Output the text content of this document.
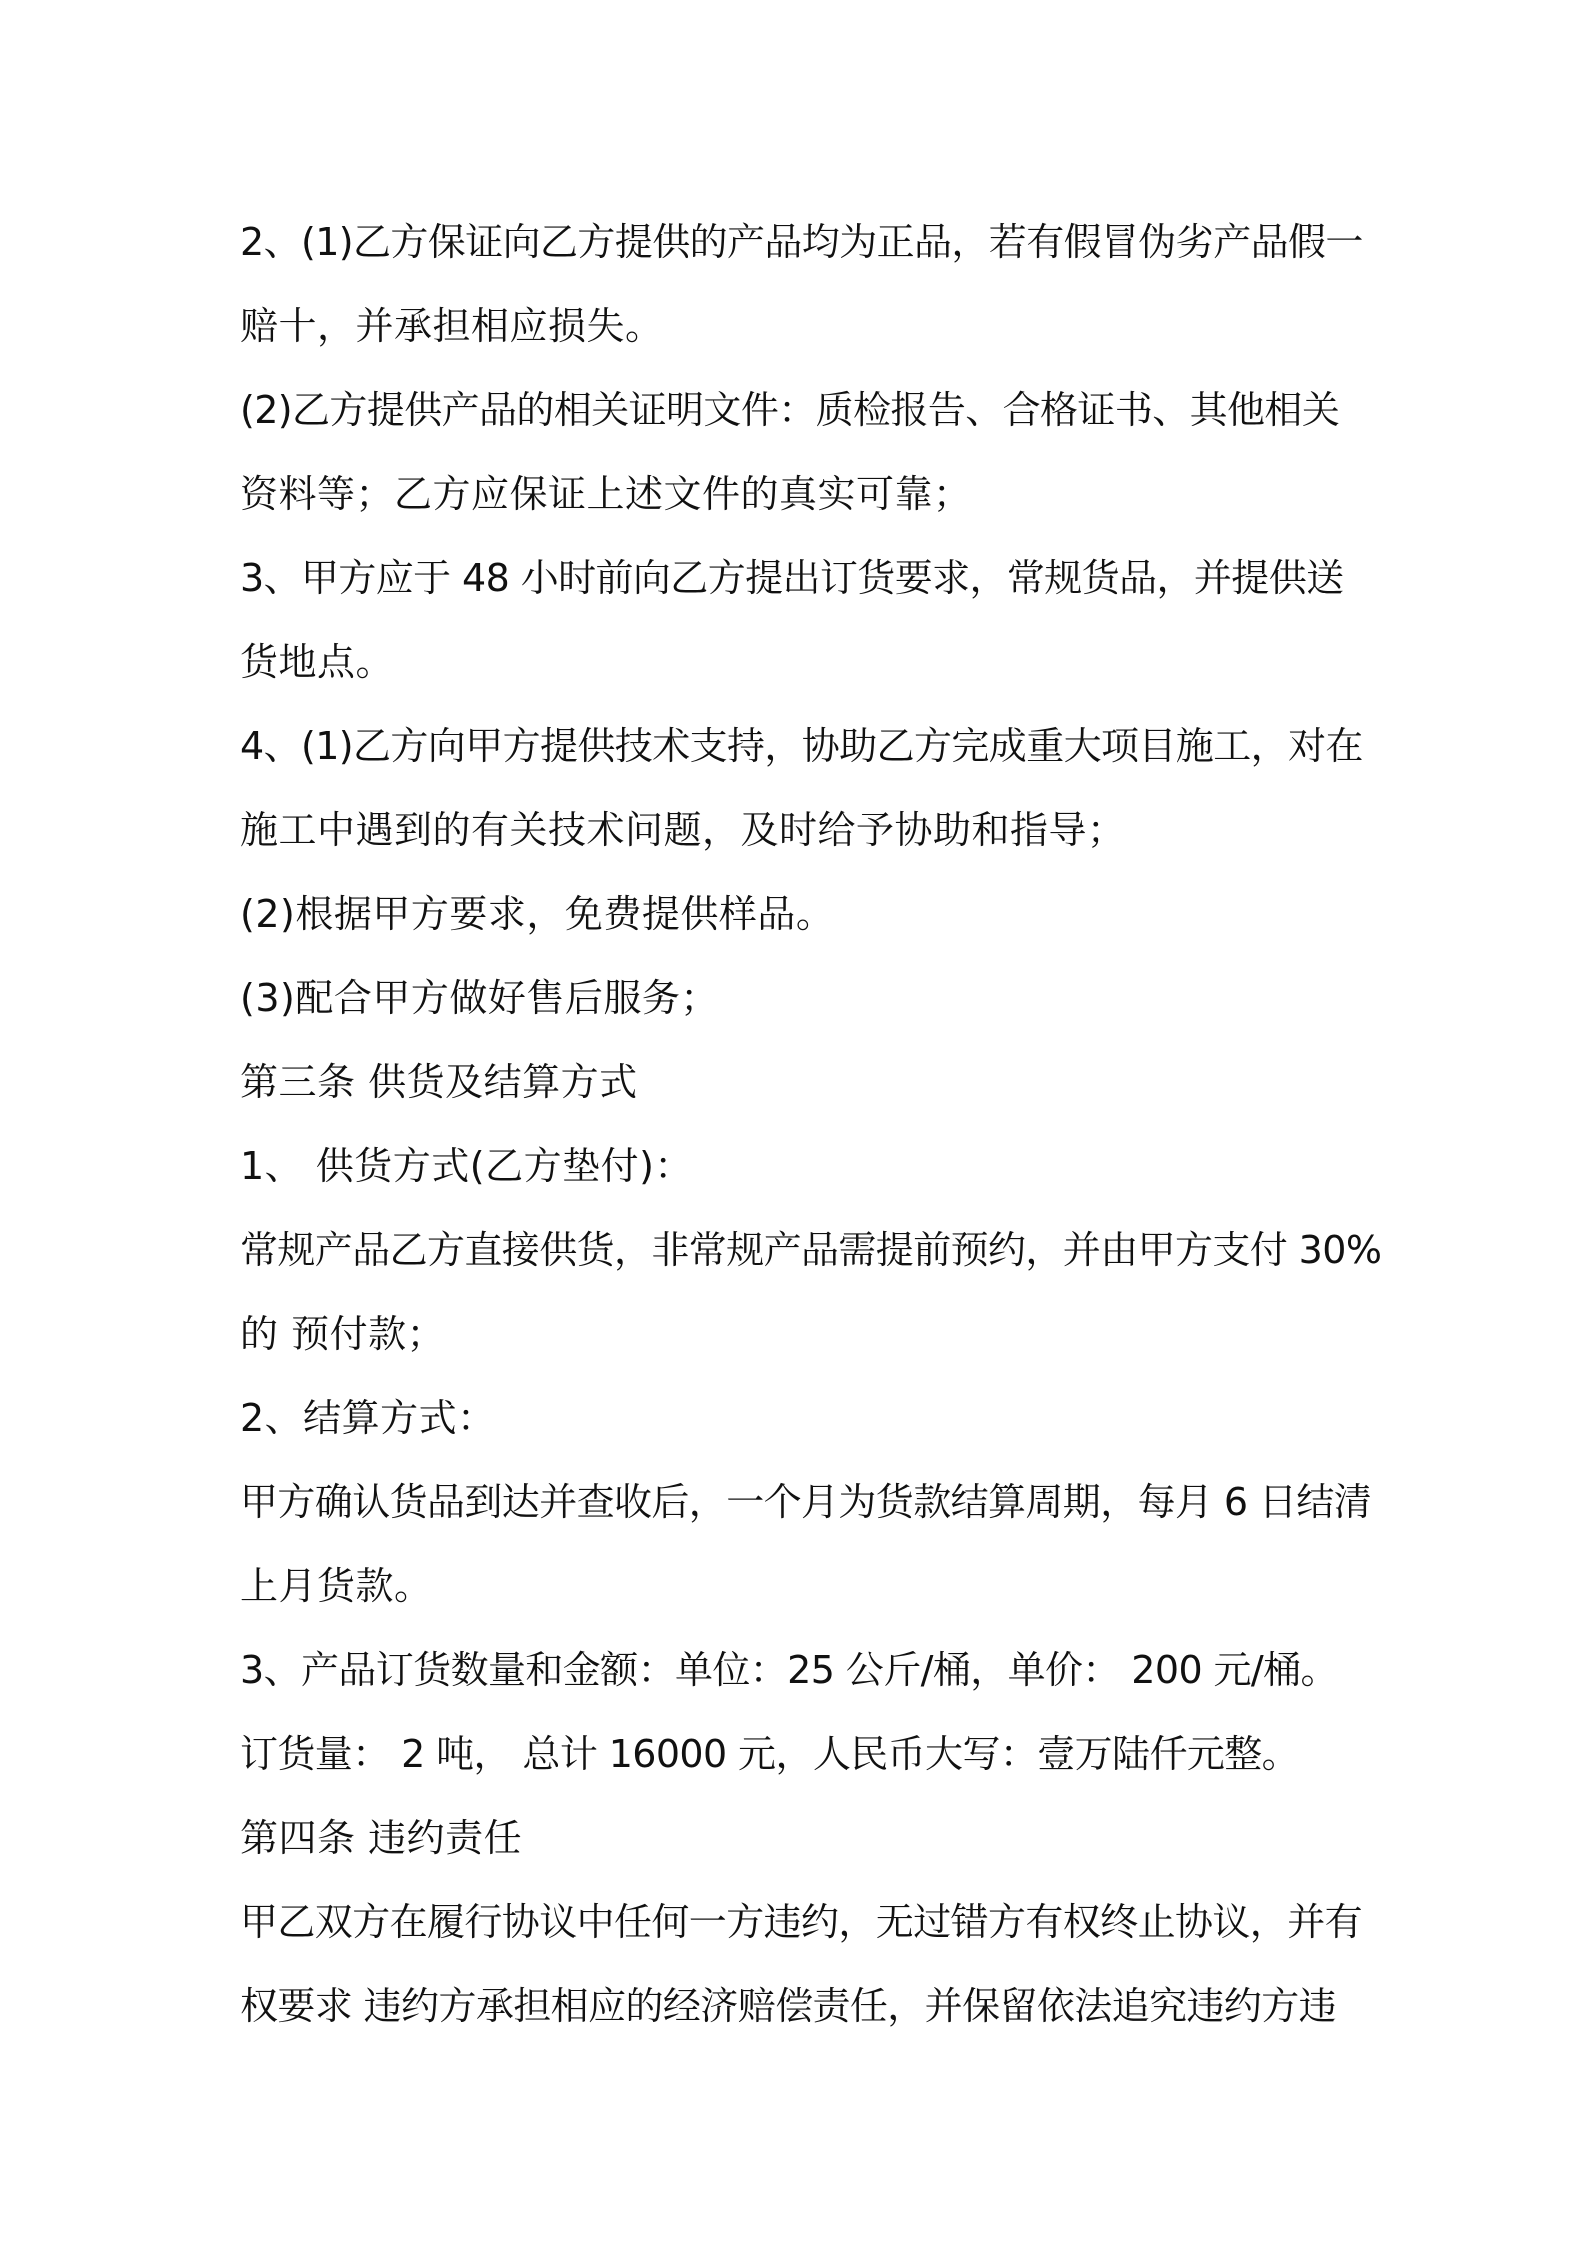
2、(1)乙方保证向乙方提供的产品均为正品，若有假冒伪劣产品假一
赔十，并承担相应损失。
(2)乙方提供产品的相关证明文件：质检报告、合格证书、其他相关
资料等；乙方应保证上述文件的真实可靠；
3、甲方应于 48 小时前向乙方提出订货要求，常规货品，并提供送
货地点。
4、(1)乙方向甲方提供技术支持，协助乙方完成重大项目施工，对在
施工中遇到的有关技术问题，及时给予协助和指导；
(2)根据甲方要求，免费提供样品。
(3)配合甲方做好售后服务；
第三条 供货及结算方式
1、 供货方式(乙方垫付)：
常规产品乙方直接供货，非常规产品需提前预约，并由甲方支付 30%
的 预付款；
2、结算方式：
甲方确认货品到达并查收后，一个月为货款结算周期，每月 6 日结清
上月货款。
3、产品订货数量和金额：单位：25 公斤/桶，单价： 200 元/桶。
订货量： 2 吨， 总计 16000 元，人民币大写：壹万陆仟元整。
第四条 违约责任
甲乙双方在履行协议中任何一方违约，无过错方有权终止协议，并有
权要求 违约方承担相应的经济赔偿责任，并保留依法追究违约方违
